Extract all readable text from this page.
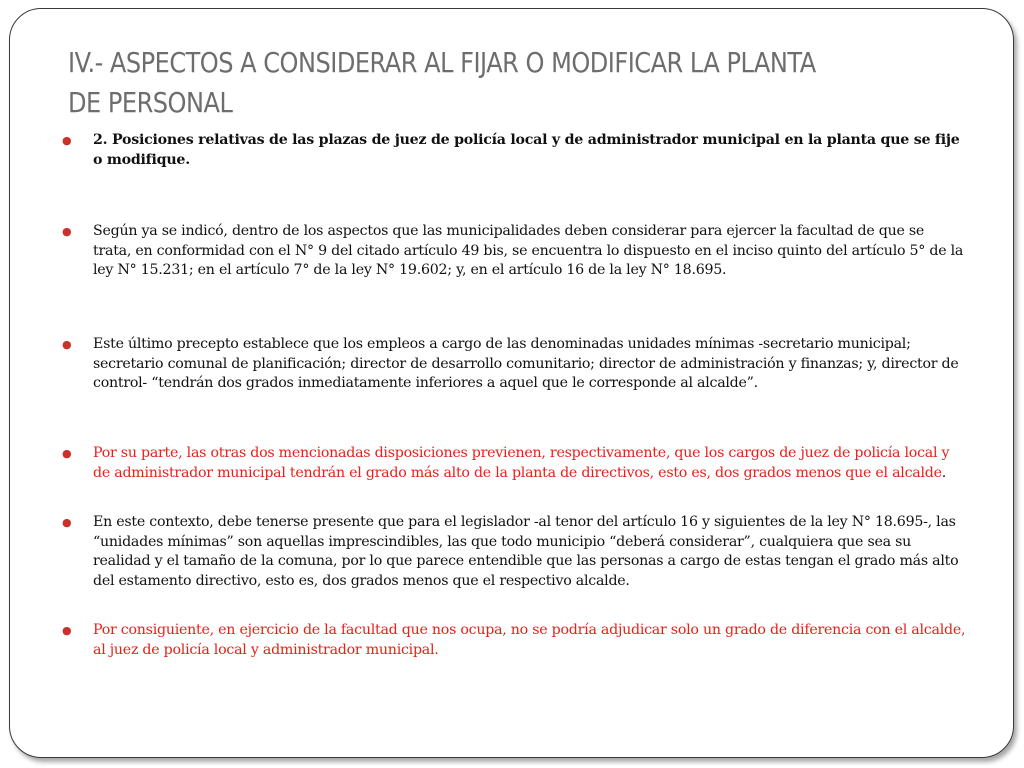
IV.- ASPECTOS A CONSIDERAR AL FIJAR O MODIFICAR LA PLANTA DE PERSONAL
●	2. Posiciones relativas de las plazas de juez de policía local y de administrador municipal en la planta que se fije o modifique.
●	Según ya se indicó, dentro de los aspectos que las municipalidades deben considerar para ejercer la facultad de que se trata, en conformidad con el N° 9 del citado artículo 49 bis, se encuentra lo dispuesto en el inciso quinto del artículo 5° de la ley N° 15.231; en el artículo 7° de la ley N° 19.602; y, en el artículo 16 de la ley N° 18.695.
●	Este último precepto establece que los empleos a cargo de las denominadas unidades mínimas -secretario municipal; secretario comunal de planificación; director de desarrollo comunitario; director de administración y finanzas; y, director de control- “tendrán dos grados inmediatamente inferiores a aquel que le corresponde al alcalde”.
●	Por su parte, las otras dos mencionadas disposiciones previenen, respectivamente, que los cargos de juez de policía local y de administrador municipal tendrán el grado más alto de la planta de directivos, esto es, dos grados menos que el alcalde.
●	En este contexto, debe tenerse presente que para el legislador -al tenor del artículo 16 y siguientes de la ley N° 18.695-, las “unidades mínimas” son aquellas imprescindibles, las que todo municipio “deberá considerar”, cualquiera que sea su realidad y el tamaño de la comuna, por lo que parece entendible que las personas a cargo de estas tengan el grado más alto del estamento directivo, esto es, dos grados menos que el respectivo alcalde.
●	Por consiguiente, en ejercicio de la facultad que nos ocupa, no se podría adjudicar solo un grado de diferencia con el alcalde, al juez de policía local y administrador municipal.
